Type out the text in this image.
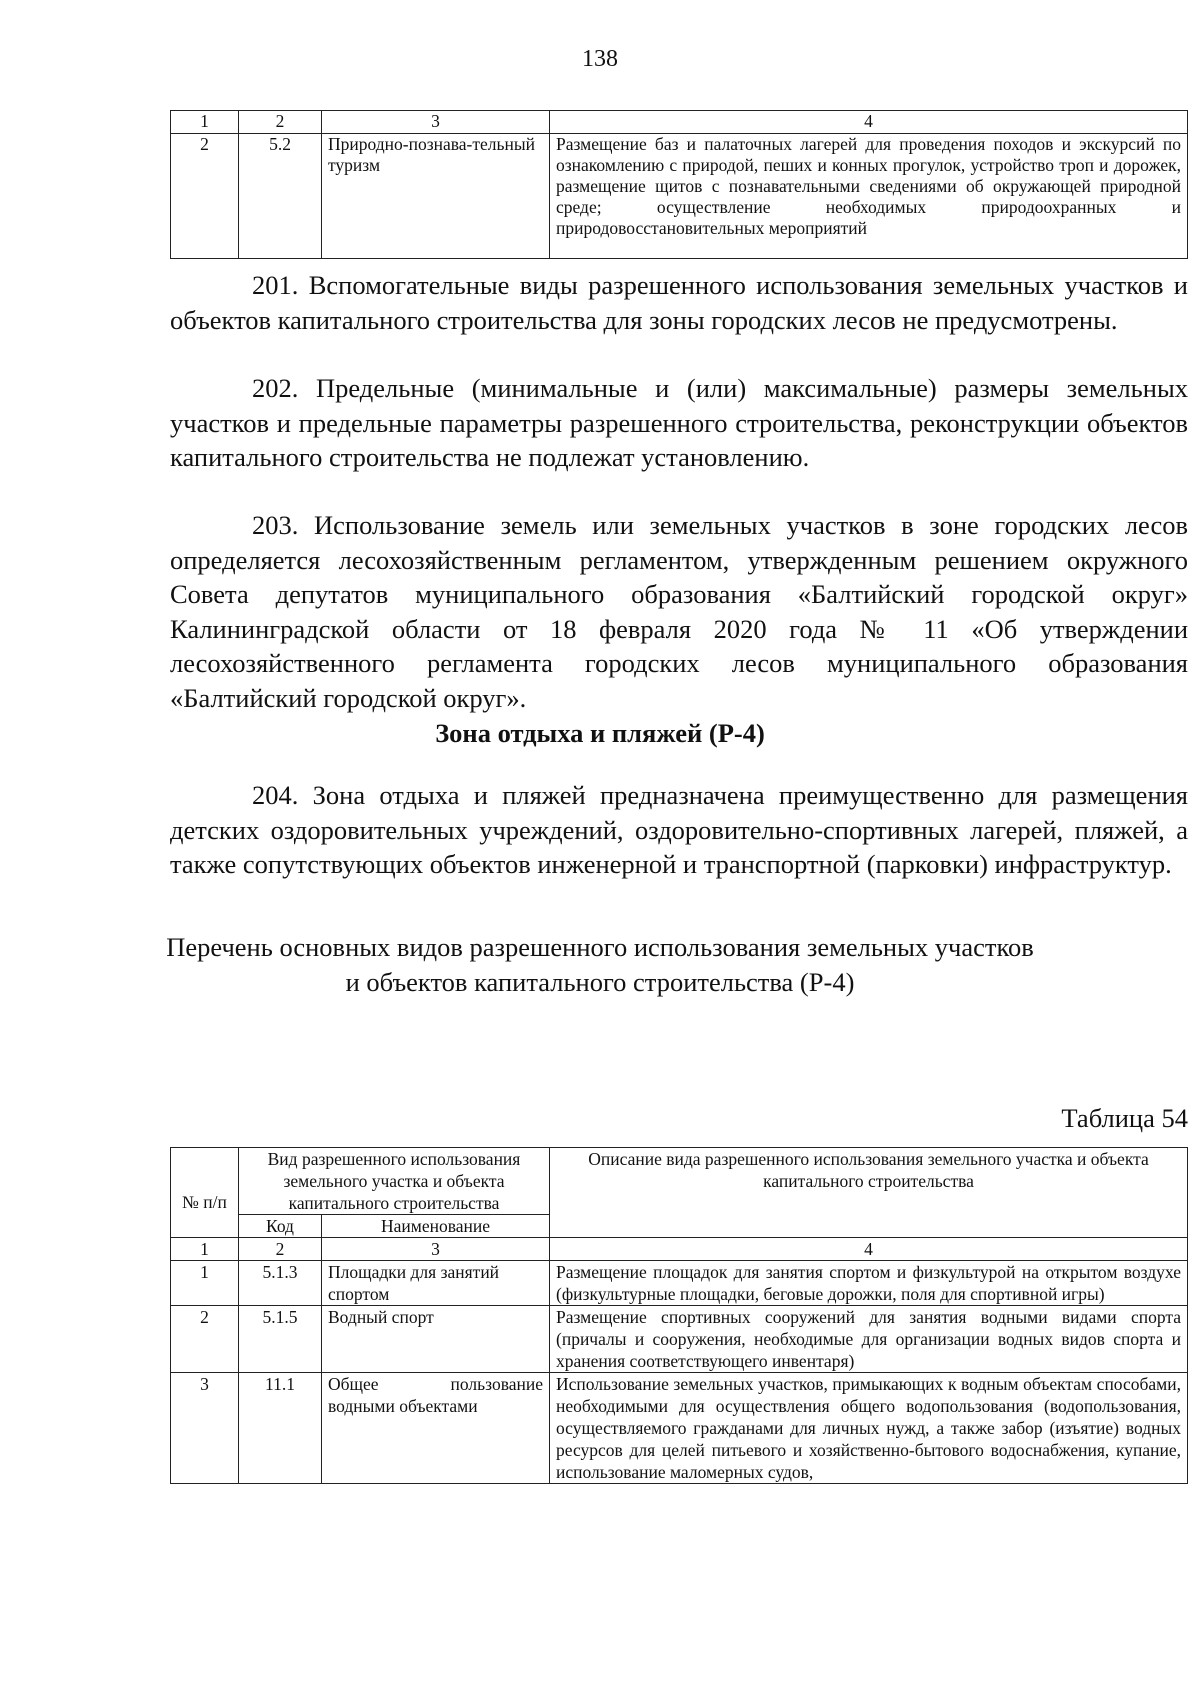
138
1	2	3	4
2	5.2	Природно-познава-тельный туризм	Размещение баз и палаточных лагерей для проведения походов и экскурсий по ознакомлению с природой, пеших и конных прогулок, устройство троп и дорожек, размещение щитов с познавательными сведениями об окружающей природной среде; осуществление необходимых природоохранных и природовосстановительных мероприятий

201. Вспомогательные виды разрешенного использования земельных участков и объектов капитального строительства для зоны городских лесов не предусмотрены.

202. Предельные (минимальные и (или) максимальные) размеры земельных участков и предельные параметры разрешенного строительства, реконструкции объектов капитального строительства не подлежат установлению.

203. Использование земель или земельных участков в зоне городских лесов определяется лесохозяйственным регламентом, утвержденным решением окружного Совета депутатов муниципального образования «Балтийский городской округ» Калининградской области от 18 февраля 2020 года № 11 «Об утверждении лесохозяйственного регламента городских лесов муниципального образования «Балтийский городской округ».

Зона отдыха и пляжей (Р-4)

204. Зона отдыха и пляжей предназначена преимущественно для размещения детских оздоровительных учреждений, оздоровительно-спортивных лагерей, пляжей, а также сопутствующих объектов инженерной и транспортной (парковки) инфраструктур.

Перечень основных видов разрешенного использования земельных участков
и объектов капитального строительства (Р-4)
Таблица 54
№ п/п	Вид разрешенного использования земельного участка и объекта капитального строительства		Описание вида разрешенного использования земельного участка и объекта капитального строительства
	Код	Наименование	
1	2	3	4
1	5.1.3	Площадки для занятий спортом	Размещение площадок для занятия спортом и физкультурой на открытом воздухе (физкультурные площадки, беговые дорожки, поля для спортивной игры)
2	5.1.5	Водный спорт	Размещение спортивных сооружений для занятия водными видами спорта (причалы и сооружения, необходимые для организации водных видов спорта и хранения соответствующего инвентаря)
3	11.1	Общее пользование водными объектами	Использование земельных участков, примыкающих к водным объектам способами, необходимыми для осуществления общего водопользования (водопользования, осуществляемого гражданами для личных нужд, а также забор (изъятие) водных ресурсов для целей питьевого и хозяйственно-бытового водоснабжения, купание, использование маломерных судов,
